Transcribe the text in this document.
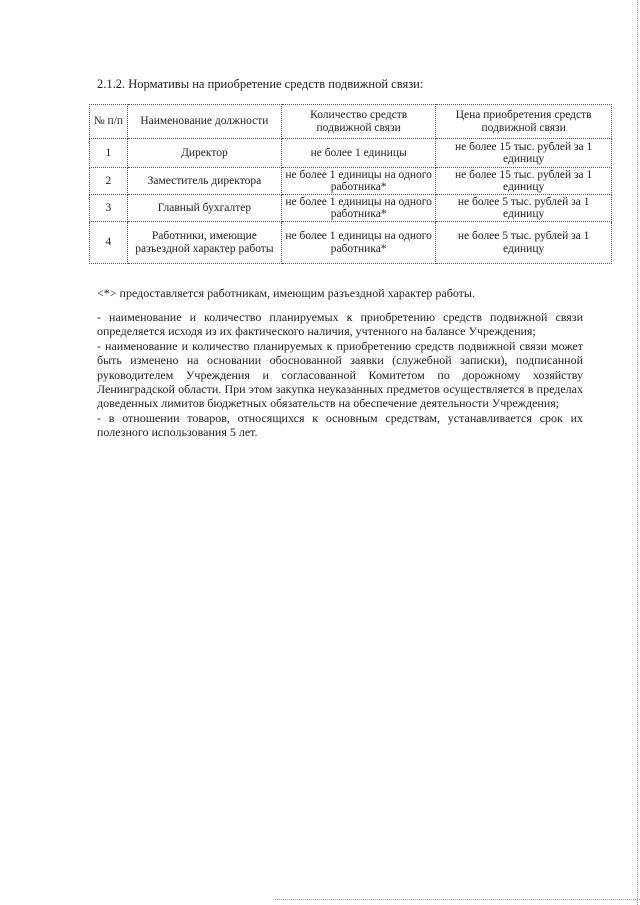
2.1.2. Нормативы на приобретение средств подвижной связи:
№ п/п	Наименование должности	Количество средств подвижной связи	Цена приобретения средств подвижной связи
1	Директор	не более 1 единицы	не более 15 тыс. рублей за 1 единицу
2	Заместитель директора	не более 1 единицы на одного работника*	не более 15 тыс. рублей за 1 единицу
3	Главный бухгалтер	не более 1 единицы на одного работника*	не более 5 тыс. рублей за 1 единицу
4	Работники, имеющие разъездной характер работы	не более 1 единицы на одного работника*	не более 5 тыс. рублей за 1 единицу
<*> предоставляется работникам, имеющим разъездной характер работы.

- наименование и количество планируемых к приобретению средств подвижной связи определяется исходя из их фактического наличия, учтенного на балансе Учреждения;

- наименование и количество планируемых к приобретению средств подвижной связи может быть изменено на основании обоснованной заявки (служебной записки), подписанной руководителем Учреждения и согласованной Комитетом по дорожному хозяйству Ленинградской области. При этом закупка неуказанных предметов осуществляется в пределах доведенных лимитов бюджетных обязательств на обеспечение деятельности Учреждения;

- в отношении товаров, относящихся к основным средствам, устанавливается срок их полезного использования 5 лет.
